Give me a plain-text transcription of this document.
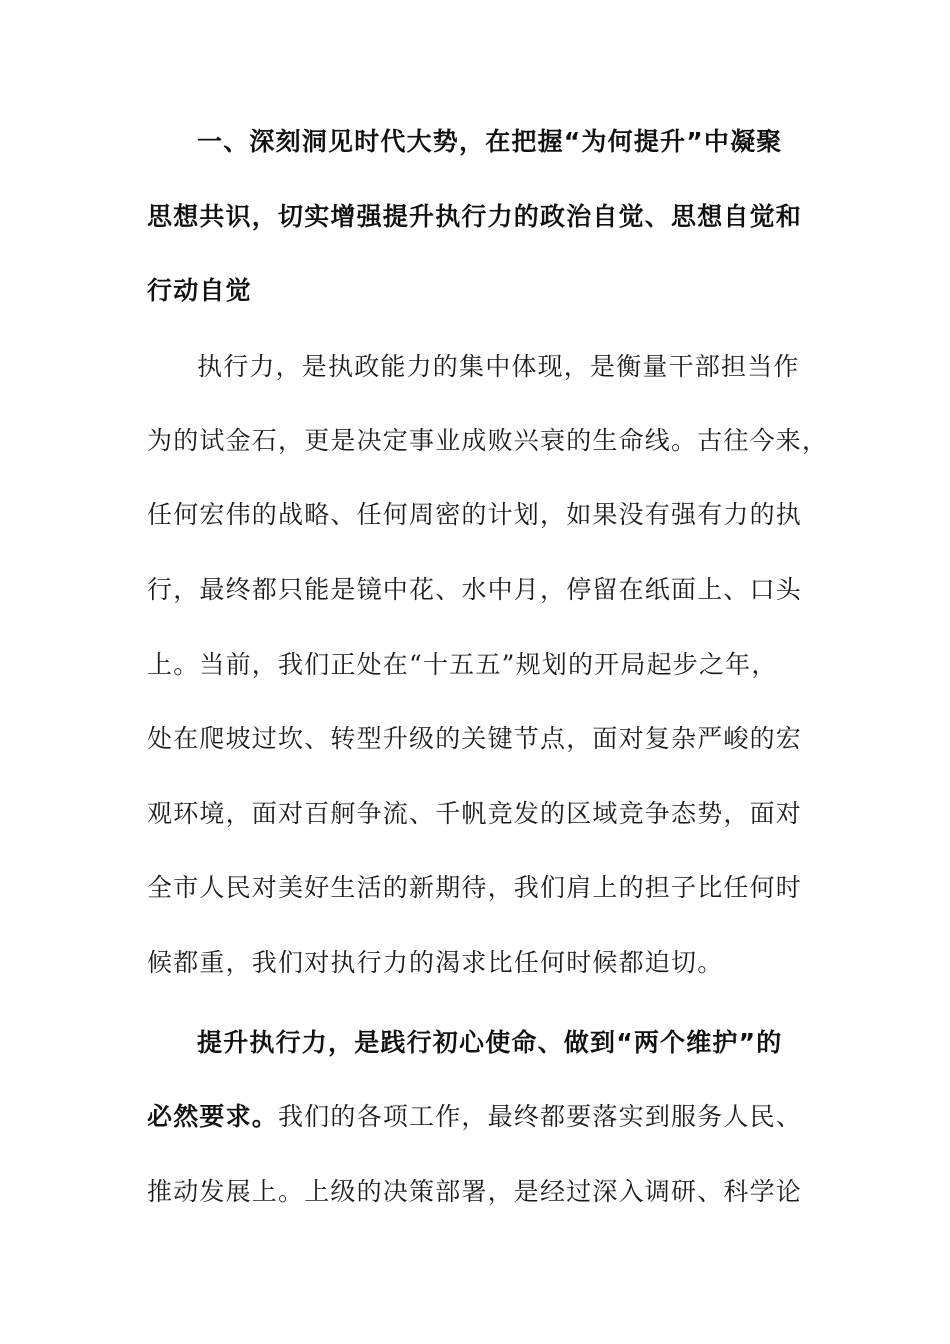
一、深刻洞见时代大势，在把握“为何提升”中凝聚
思想共识，切实增强提升执行力的政治自觉、思想自觉和
行动自觉
执行力，是执政能力的集中体现，是衡量干部担当作
为的试金石，更是决定事业成败兴衰的生命线。古往今来，
任何宏伟的战略、任何周密的计划，如果没有强有力的执
行，最终都只能是镜中花、水中月，停留在纸面上、口头
上。当前，我们正处在“十五五”规划的开局起步之年，
处在爬坡过坎、转型升级的关键节点，面对复杂严峻的宏
观环境，面对百舸争流、千帆竞发的区域竞争态势，面对
全市人民对美好生活的新期待，我们肩上的担子比任何时
候都重，我们对执行力的渴求比任何时候都迫切。
提升执行力，是践行初心使命、做到“两个维护”的
必然要求。我们的各项工作，最终都要落实到服务人民、
推动发展上。上级的决策部署，是经过深入调研、科学论
